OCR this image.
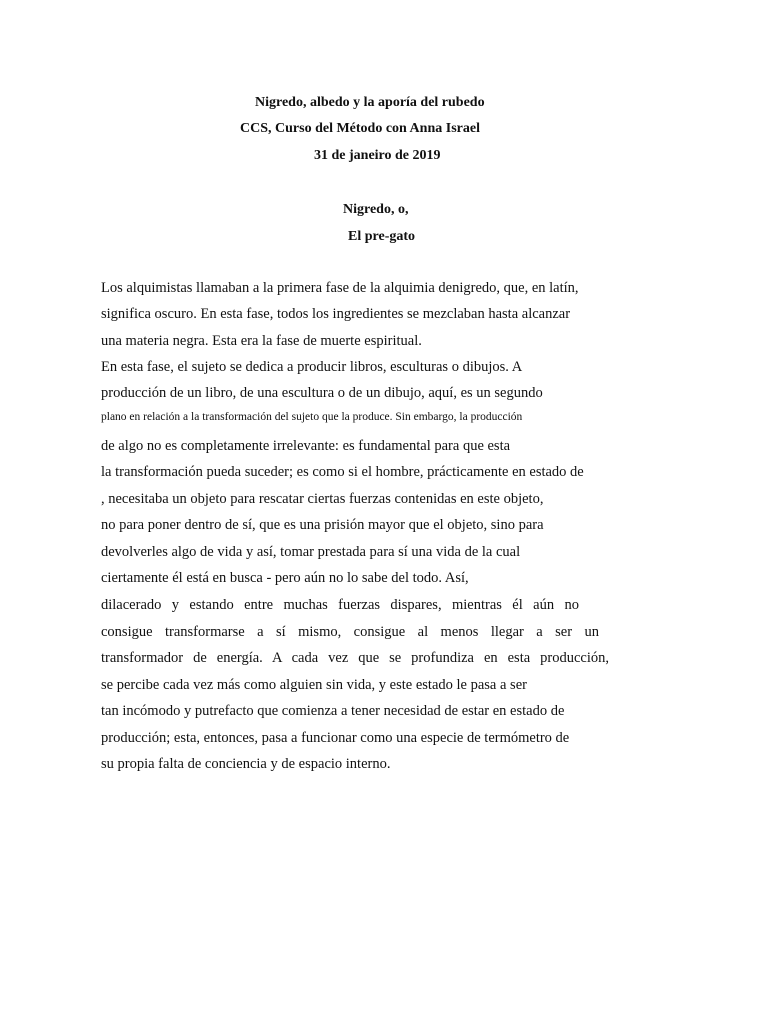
Nigredo, albedo y la aporía del rubedo
CCS, Curso del Método con Anna Israel
31 de janeiro de 2019
Nigredo, o,
El pre-gato
Los alquimistas llamaban a la primera fase de la alquimia denigredo, que, en latín,
significa oscuro. En esta fase, todos los ingredientes se mezclaban hasta alcanzar
una materia negra. Esta era la fase de muerte espiritual.
En esta fase, el sujeto se dedica a producir libros, esculturas o dibujos. A
producción de un libro, de una escultura o de un dibujo, aquí, es un segundo
plano en relación a la transformación del sujeto que la produce. Sin embargo, la producción
de algo no es completamente irrelevante: es fundamental para que esta
la transformación pueda suceder; es como si el hombre, prácticamente en estado de
, necesitaba un objeto para rescatar ciertas fuerzas contenidas en este objeto,
no para poner dentro de sí, que es una prisión mayor que el objeto, sino para
devolverles algo de vida y así, tomar prestada para sí una vida de la cual
ciertamente él está en busca - pero aún no lo sabe del todo. Así,
dilacerado y estando entre muchas fuerzas dispares, mientras él aún no
consigue transformarse a sí mismo, consigue al menos llegar a ser un
transformador de energía. A cada vez que se profundiza en esta producción,
se percibe cada vez más como alguien sin vida, y este estado le pasa a ser
tan incómodo y putrefacto que comienza a tener necesidad de estar en estado de
producción; esta, entonces, pasa a funcionar como una especie de termómetro de
su propia falta de conciencia y de espacio interno.
